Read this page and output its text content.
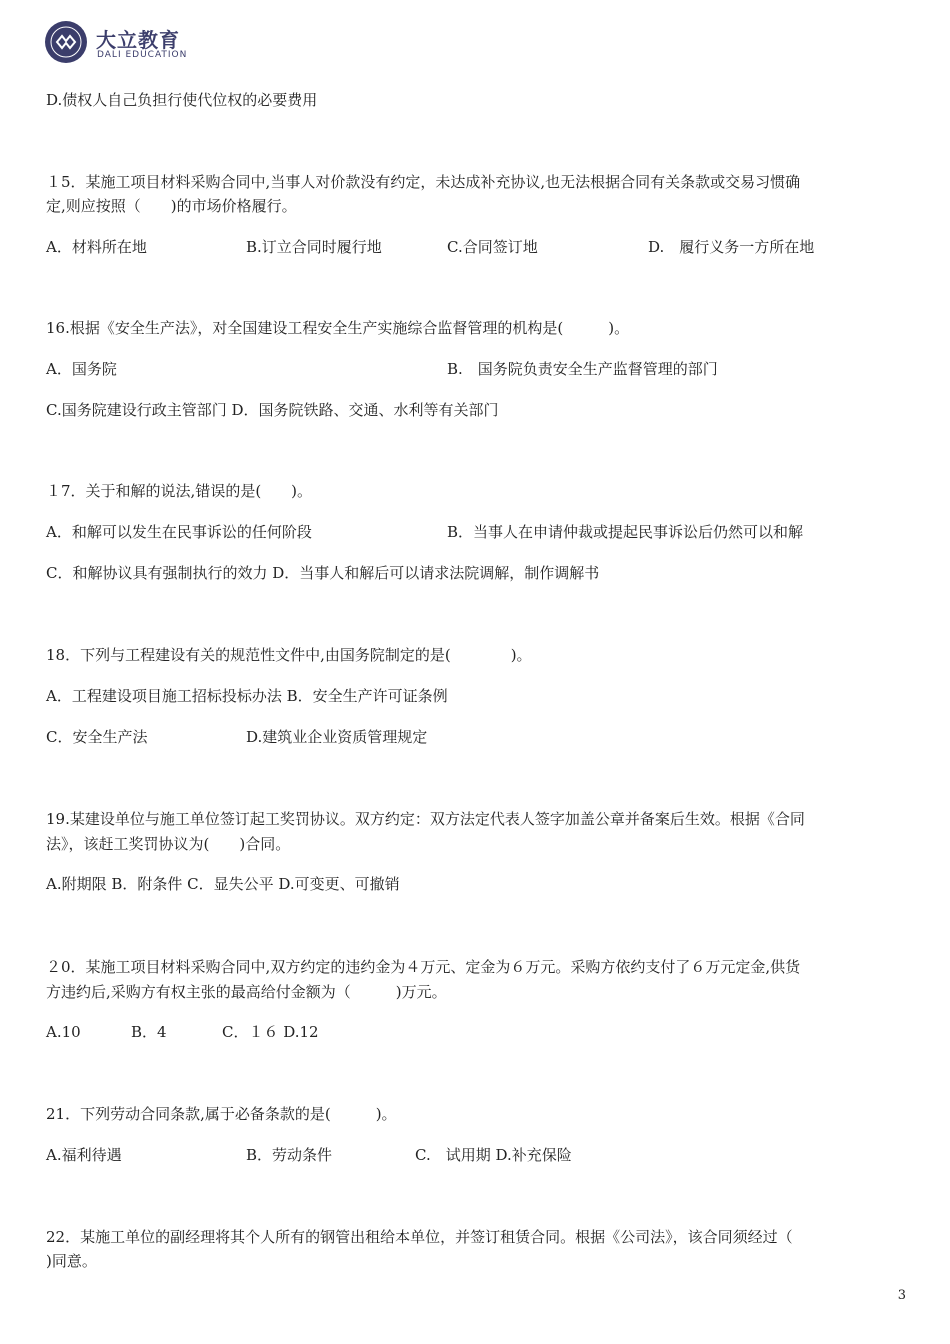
大立教育
DALI EDUCATION
D.债权人自己负担行使代位权的必要费用
１5．某施工项目材料采购合同中,当事人对价款没有约定，未达成补充协议,也无法根据合同有关条款或交易习惯确
定,则应按照（　　)的市场价格履行。
A．材料所在地	B.订立合同时履行地	C.合同签订地	D.　履行义务一方所在地
16.根据《安全生产法》，对全国建设工程安全生产实施综合监督管理的机构是(　　　)。
A．国务院	B.　国务院负责安全生产监督管理的部门
C.国务院建设行政主管部门 D．国务院铁路、交通、水利等有关部门
１7．关于和解的说法,错误的是(　　)。
A．和解可以发生在民事诉讼的任何阶段	B．当事人在申请仲裁或提起民事诉讼后仍然可以和解
C．和解协议具有强制执行的效力 D．当事人和解后可以请求法院调解，制作调解书
18．下列与工程建设有关的规范性文件中,由国务院制定的是(　　　　)。
A．工程建设项目施工招标投标办法 B．安全生产许可证条例
C．安全生产法	D.建筑业企业资质管理规定
19.某建设单位与施工单位签订起工奖罚协议。双方约定：双方法定代表人签字加盖公章并备案后生效。根据《合同
法》，该赶工奖罚协议为(　　)合同。
A.附期限 B．附条件 C．显失公平 D.可变更、可撤销
２0．某施工项目材料采购合同中,双方约定的违约金为４万元、定金为６万元。采购方依约支付了６万元定金,供货
方违约后,采购方有权主张的最高给付金额为（　　　)万元。
A.10	B．4	C．１６ D.12
21．下列劳动合同条款,属于必备条款的是(　　　)。
A.福利待遇	B．劳动条件	C.　试用期 D.补充保险
22．某施工单位的副经理将其个人所有的钢管出租给本单位，并签订租赁合同。根据《公司法》，该合同须经过（
)同意。
3
